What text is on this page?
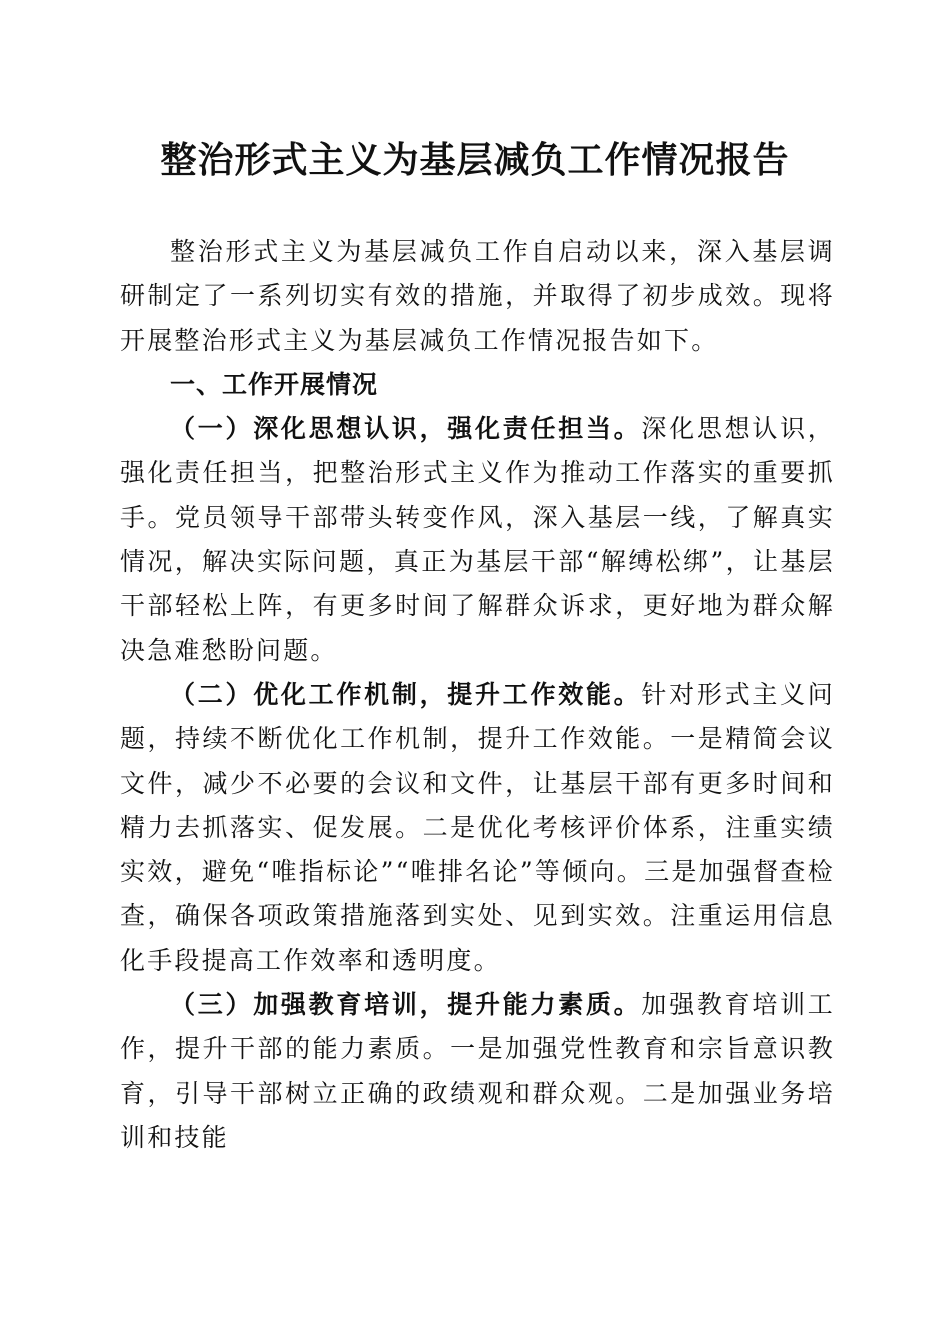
整治形式主义为基层减负工作情况报告

整治形式主义为基层减负工作自启动以来，深入基层调研制定了一系列切实有效的措施，并取得了初步成效。现将开展整治形式主义为基层减负工作情况报告如下。

一、工作开展情况

（一）深化思想认识，强化责任担当。深化思想认识，强化责任担当，把整治形式主义作为推动工作落实的重要抓手。党员领导干部带头转变作风，深入基层一线，了解真实情况，解决实际问题，真正为基层干部“解缚松绑”，让基层干部轻松上阵，有更多时间了解群众诉求，更好地为群众解决急难愁盼问题。

（二）优化工作机制，提升工作效能。针对形式主义问题，持续不断优化工作机制，提升工作效能。一是精简会议文件，减少不必要的会议和文件，让基层干部有更多时间和精力去抓落实、促发展。二是优化考核评价体系，注重实绩实效，避免“唯指标论”“唯排名论”等倾向。三是加强督查检查，确保各项政策措施落到实处、见到实效。注重运用信息化手段提高工作效率和透明度。

（三）加强教育培训，提升能力素质。加强教育培训工作，提升干部的能力素质。一是加强党性教育和宗旨意识教育，引导干部树立正确的政绩观和群众观。二是加强业务培训和技能
